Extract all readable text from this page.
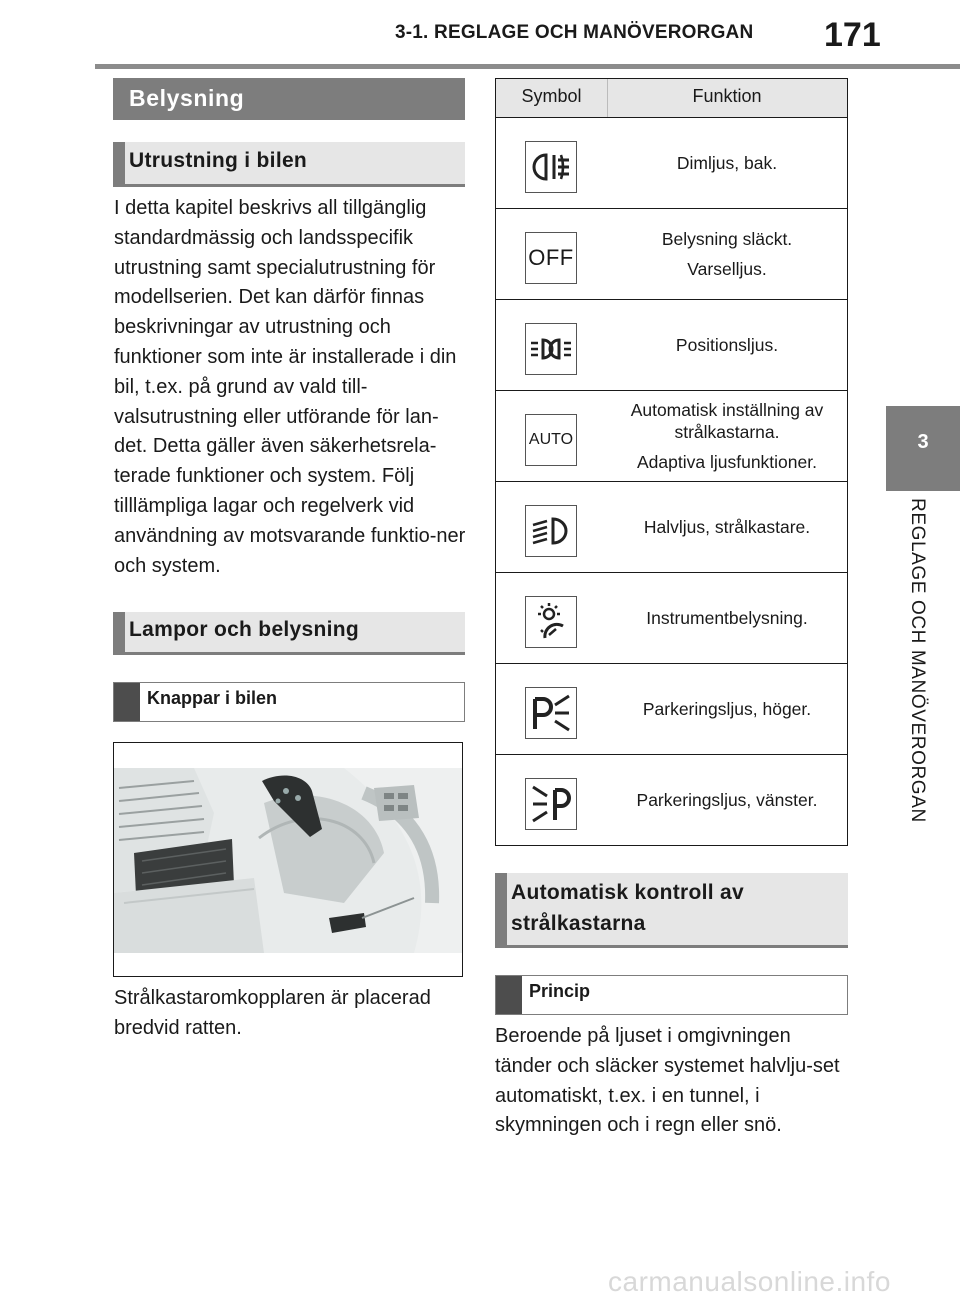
3-1. REGLAGE OCH MANÖVERORGAN 171
3
REGLAGE OCH MANÖVERORGAN
Belysning
Utrustning i bilen
I detta kapitel beskrivs all tillgänglig standardmässig och landsspecifik utrustning samt specialutrustning för modellserien. Det kan därför finnas beskrivningar av utrustning och funktioner som inte är installerade i din bil, t.ex. på grund av vald till-valsutrustning eller utförande för lan-det. Detta gäller även säkerhetsrela-terade funktioner och system. Följ tilllämpliga lagar och regelverk vid användning av motsvarande funktio-ner och system.
Lampor och belysning
Knappar i bilen
Strålkastaromkopplaren är placerad bredvid ratten.
Symbol	Funktion
Dimljus, bak.
OFF
Belysning släckt.
Varselljus.
Positionsljus.
AUTO
Automatisk inställning av strålkastarna.
Adaptiva ljusfunktioner.
Halvljus, strålkastare.
Instrumentbelysning.
Parkeringsljus, höger.
Parkeringsljus, vänster.
Automatisk kontroll av strålkastarna
Princip
Beroende på ljuset i omgivningen tänder och släcker systemet halvlju-set automatiskt, t.ex. i en tunnel, i skymningen och i regn eller snö.
carmanualsonline.info
